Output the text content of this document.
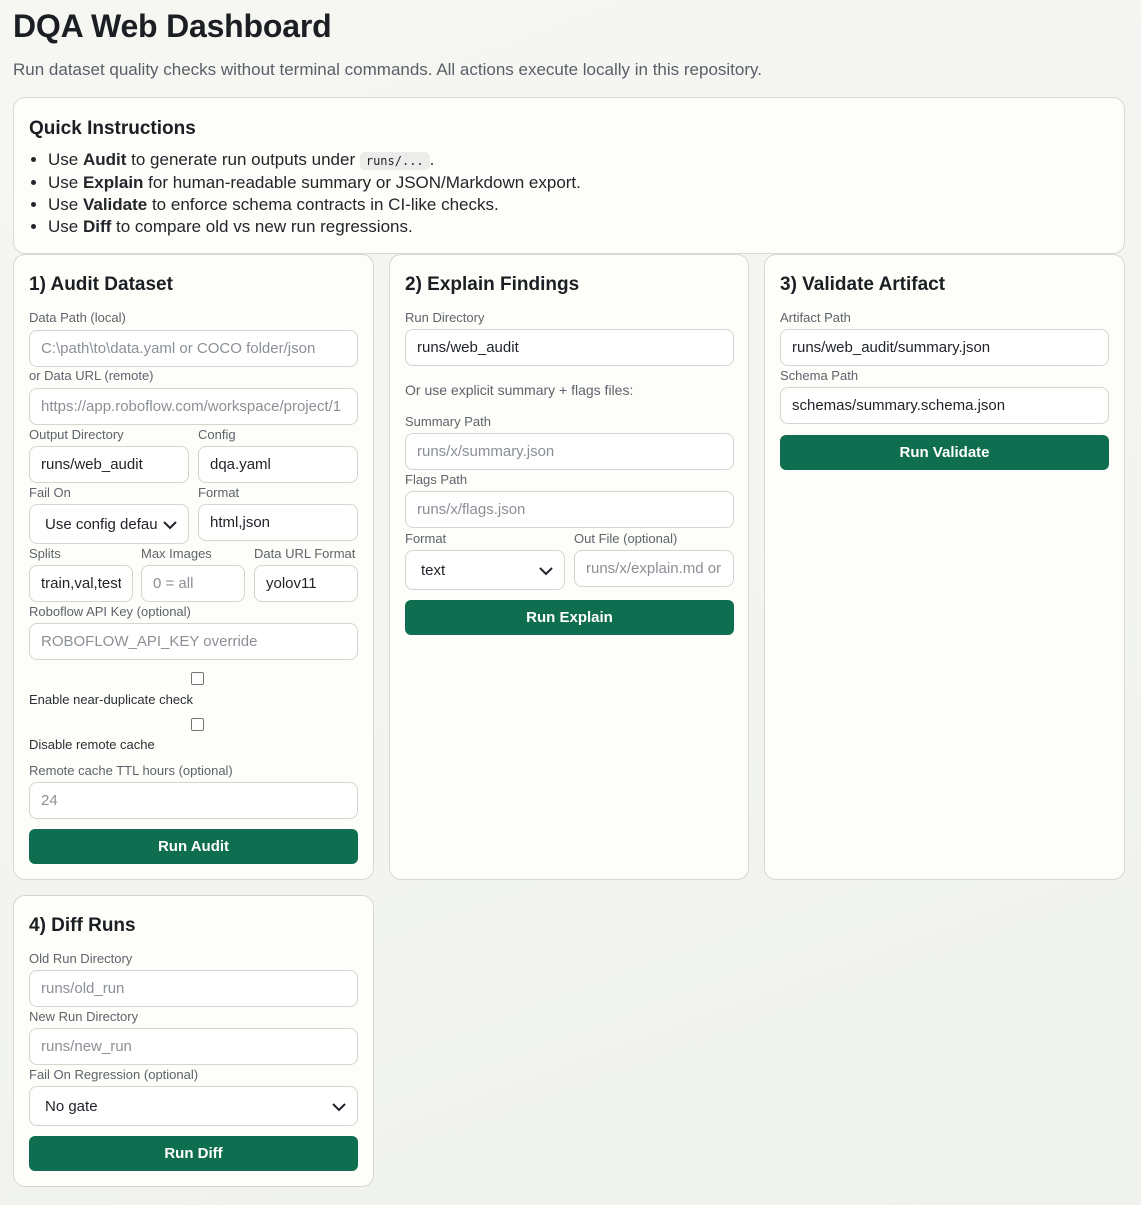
DQA Web Dashboard

Run dataset quality checks without terminal commands. All actions execute locally in this repository.

Quick Instructions
• Use Audit to generate run outputs under runs/... .
• Use Explain for human-readable summary or JSON/Markdown export.
• Use Validate to enforce schema contracts in CI-like checks.
• Use Diff to compare old vs new run regressions.
1) Audit Dataset

Data Path (local)

C:\path\to\data.yaml or COCO folder/json

or Data URL (remote)

https://app.roboflow.com/workspace/project/1

Output Directory

runs/web_audit	Config

dqa.yaml

Fail On

Use config defau

Format

html,json

Splits

train,val,test	Max Images

0 = all	Data URL Format

yolov11

Roboflow API Key (optional)

ROBOFLOW_API_KEY override

Enable near-duplicate check

Disable remote cache

Remote cache TTL hours (optional)

24
Run Audit
2) Explain Findings

Run Directory

runs/web_audit

Or use explicit summary + flags files:

Summary Path

runs/x/summary.json

Flags Path

runs/x/flags.json

Format

text

Out File (optional)

runs/x/explain.md or .json
Run Explain
3) Validate Artifact

Artifact Path

runs/web_audit/summary.json

Schema Path

schemas/summary.schema.json
Run Validate
4) Diff Runs

Old Run Directory

runs/old_run

New Run Directory

runs/new_run

Fail On Regression (optional)

No gate
Run Diff
